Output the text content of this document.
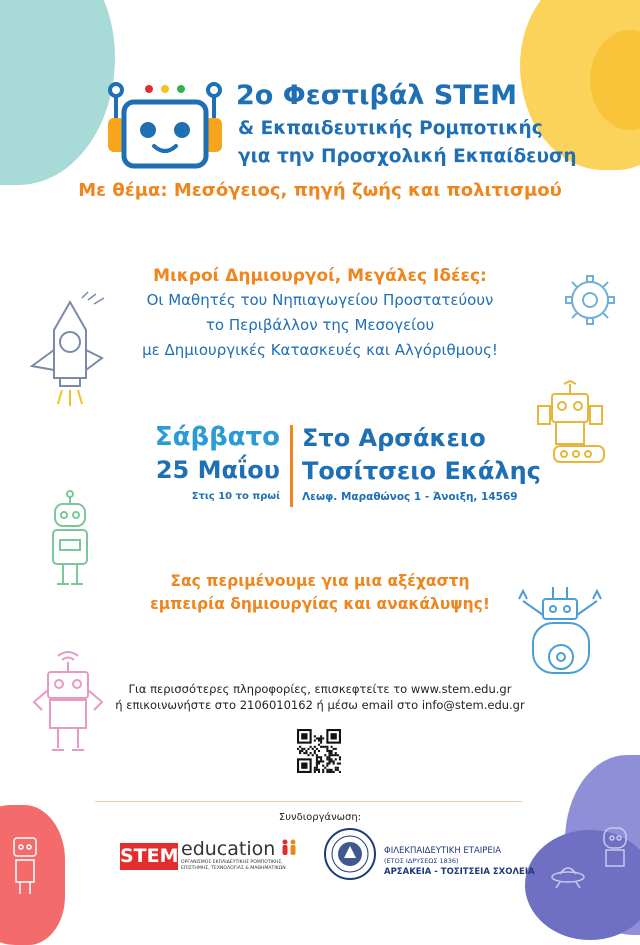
2ο Φεστιβάλ STEM
& Εκπαιδευτικής Ρομποτικής
για την Προσχολική Εκπαίδευση
Με θέμα: Μεσόγειος, πηγή ζωής και πολιτισμού
Μικροί Δημιουργοί, Μεγάλες Ιδέες:
Οι Μαθητές του Νηπιαγωγείου Προστατεύουν
το Περιβάλλον της Μεσογείου
με Δημιουργικές Κατασκευές και Αλγόριθμους!
Σάββατο
25 Μαΐου
Στις 10 το πρωί
Στο Αρσάκειο
Τοσίτσειο Εκάλης
Λεωφ. Μαραθώνος 1 - Άνοιξη, 14569
Σας περιμένουμε για μια αξέχαστη
εμπειρία δημιουργίας και ανακάλυψης!
Για περισσότερες πληροφορίες, επισκεφτείτε το www.stem.edu.gr
ή επικοινωνήστε στο 2106010162 ή μέσω email στο info@stem.edu.gr
Συνδιοργάνωση:
STEM education
ΟΡΓΑΝΙΣΜΟΣ ΕΚΠΑΙΔΕΥΤΙΚΗΣ ΡΟΜΠΟΤΙΚΗΣ,
ΕΠΙΣΤΗΜΗΣ, ΤΕΧΝΟΛΟΓΙΑΣ & ΜΑΘΗΜΑΤΙΚΩΝ
ΦΙΛΕΚΠΑΙΔΕΥΤΙΚΗ ΕΤΑΙΡΕΙΑ
(ΕΤΟΣ ΙΔΡΥΣΕΩΣ 1836)
ΑΡΣΑΚΕΙΑ - ΤΟΣΙΤΣΕΙΑ ΣΧΟΛΕΙΑ
